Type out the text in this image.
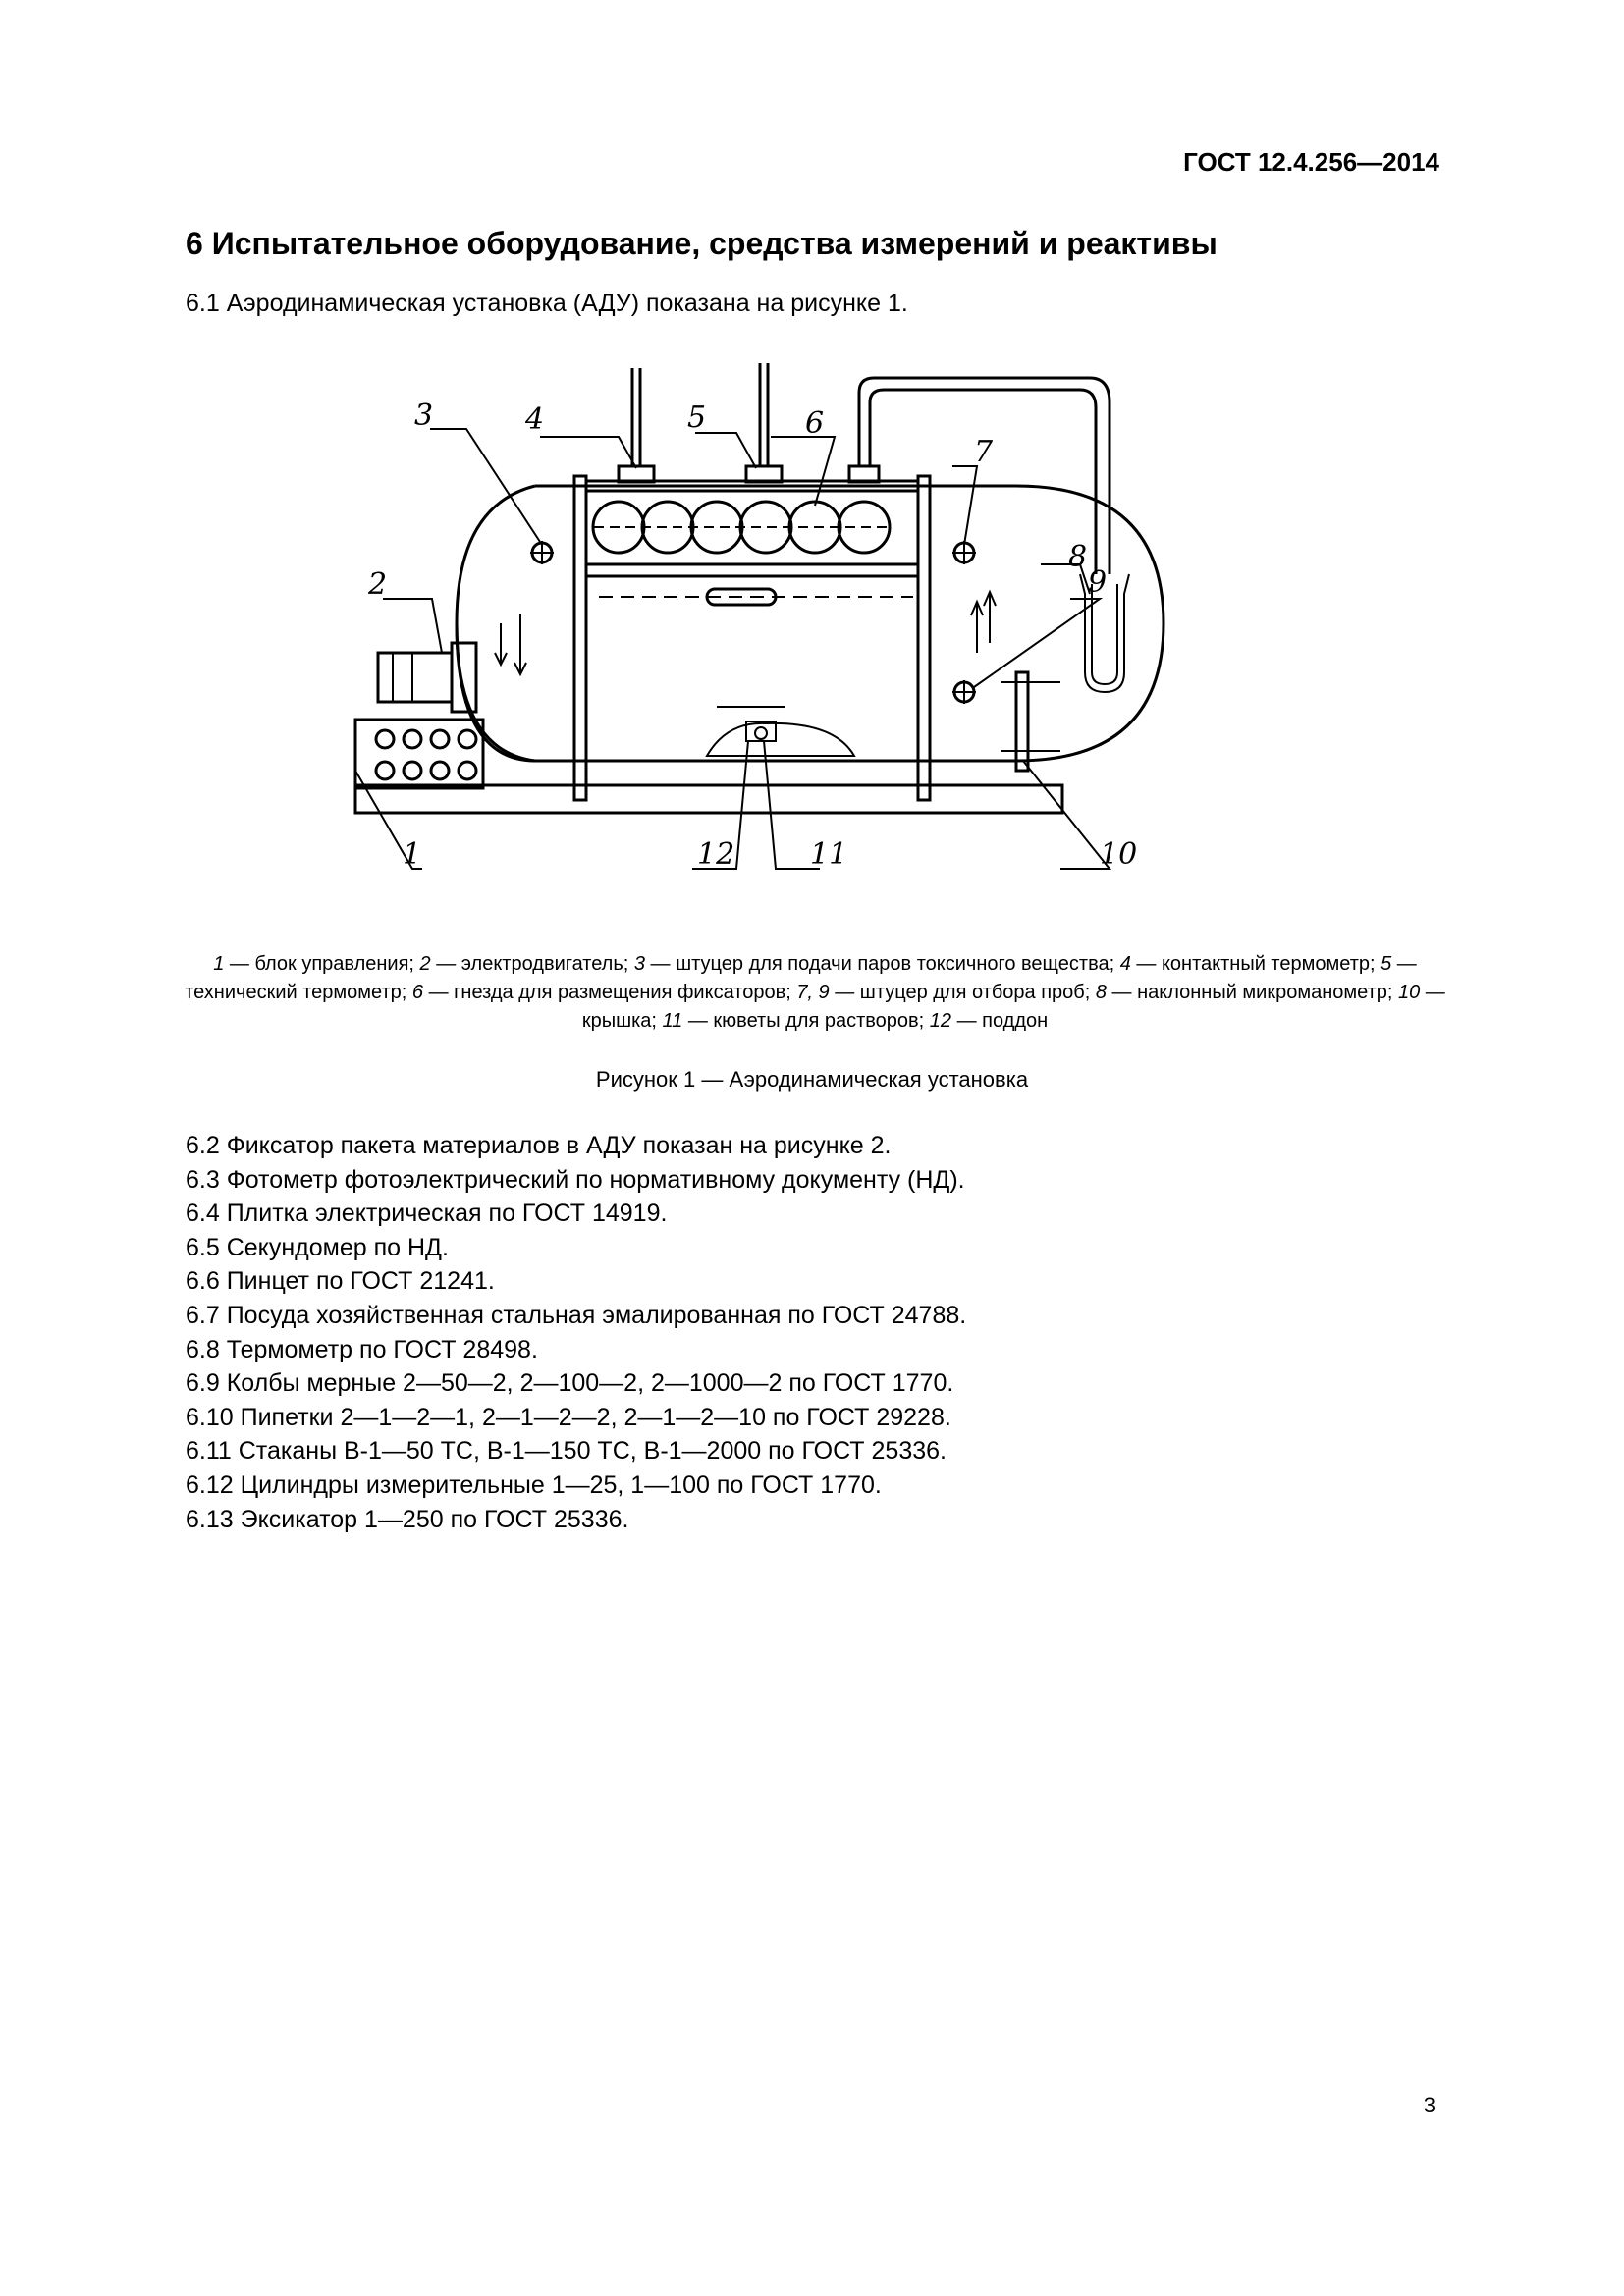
ГОСТ 12.4.256—2014
6 Испытательное оборудование, средства измерений и реактивы
6.1 Аэродинамическая установка (АДУ) показана на рисунке 1.
1
2
3	4	5	6
7
8
9
10
11
12
1 — блок управления; 2 — электродвигатель; 3 — штуцер для подачи паров токсичного вещества; 4 — контактный термометр; 5 — технический термометр; 6 — гнезда для размещения фиксаторов; 7, 9 — штуцер для отбора проб; 8 — наклонный микроманометр; 10 — крышка; 11 — кюветы для растворов; 12 — поддон
Рисунок 1 — Аэродинамическая установка
6.2 Фиксатор пакета материалов в АДУ показан на рисунке 2.
6.3 Фотометр фотоэлектрический по нормативному документу (НД).
6.4 Плитка электрическая по ГОСТ 14919.
6.5 Секундомер по НД.
6.6 Пинцет по ГОСТ 21241.
6.7 Посуда хозяйственная стальная эмалированная по ГОСТ 24788.
6.8 Термометр по ГОСТ 28498.
6.9 Колбы мерные 2—50—2, 2—100—2, 2—1000—2 по ГОСТ 1770.
6.10 Пипетки 2—1—2—1, 2—1—2—2, 2—1—2—10 по ГОСТ 29228.
6.11 Стаканы В-1—50 ТС, В-1—150 ТС, В-1—2000 по ГОСТ 25336.
6.12 Цилиндры измерительные 1—25, 1—100 по ГОСТ 1770.
6.13 Эксикатор 1—250 по ГОСТ 25336.
3
